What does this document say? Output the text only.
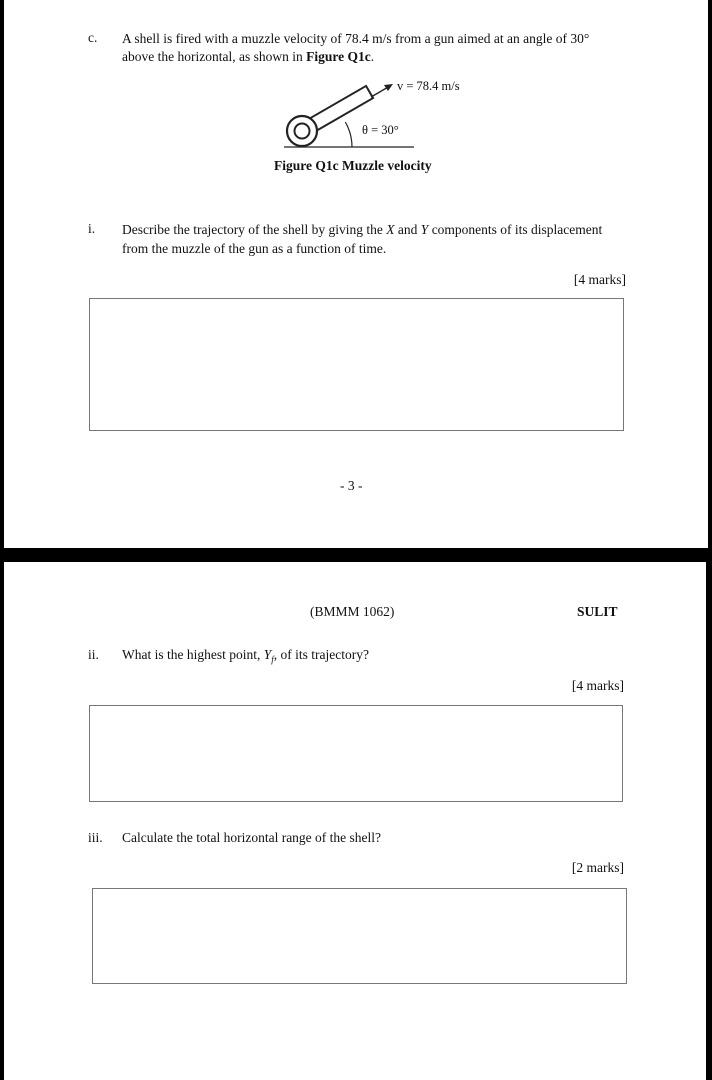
c. A shell is fired with a muzzle velocity of 78.4 m/s from a gun aimed at an angle of 30°
above the horizontal, as shown in Figure Q1c.
v = 78.4 m/s
θ = 30°
Figure Q1c Muzzle velocity
i. Describe the trajectory of the shell by giving the X and Y components of its displacement
from the muzzle of the gun as a function of time.
[4 marks]
- 3 -
(BMMM 1062)	SULIT
ii. What is the highest point, $Y_f$, of its trajectory?
[4 marks]
iii. Calculate the total horizontal range of the shell?
[2 marks]
